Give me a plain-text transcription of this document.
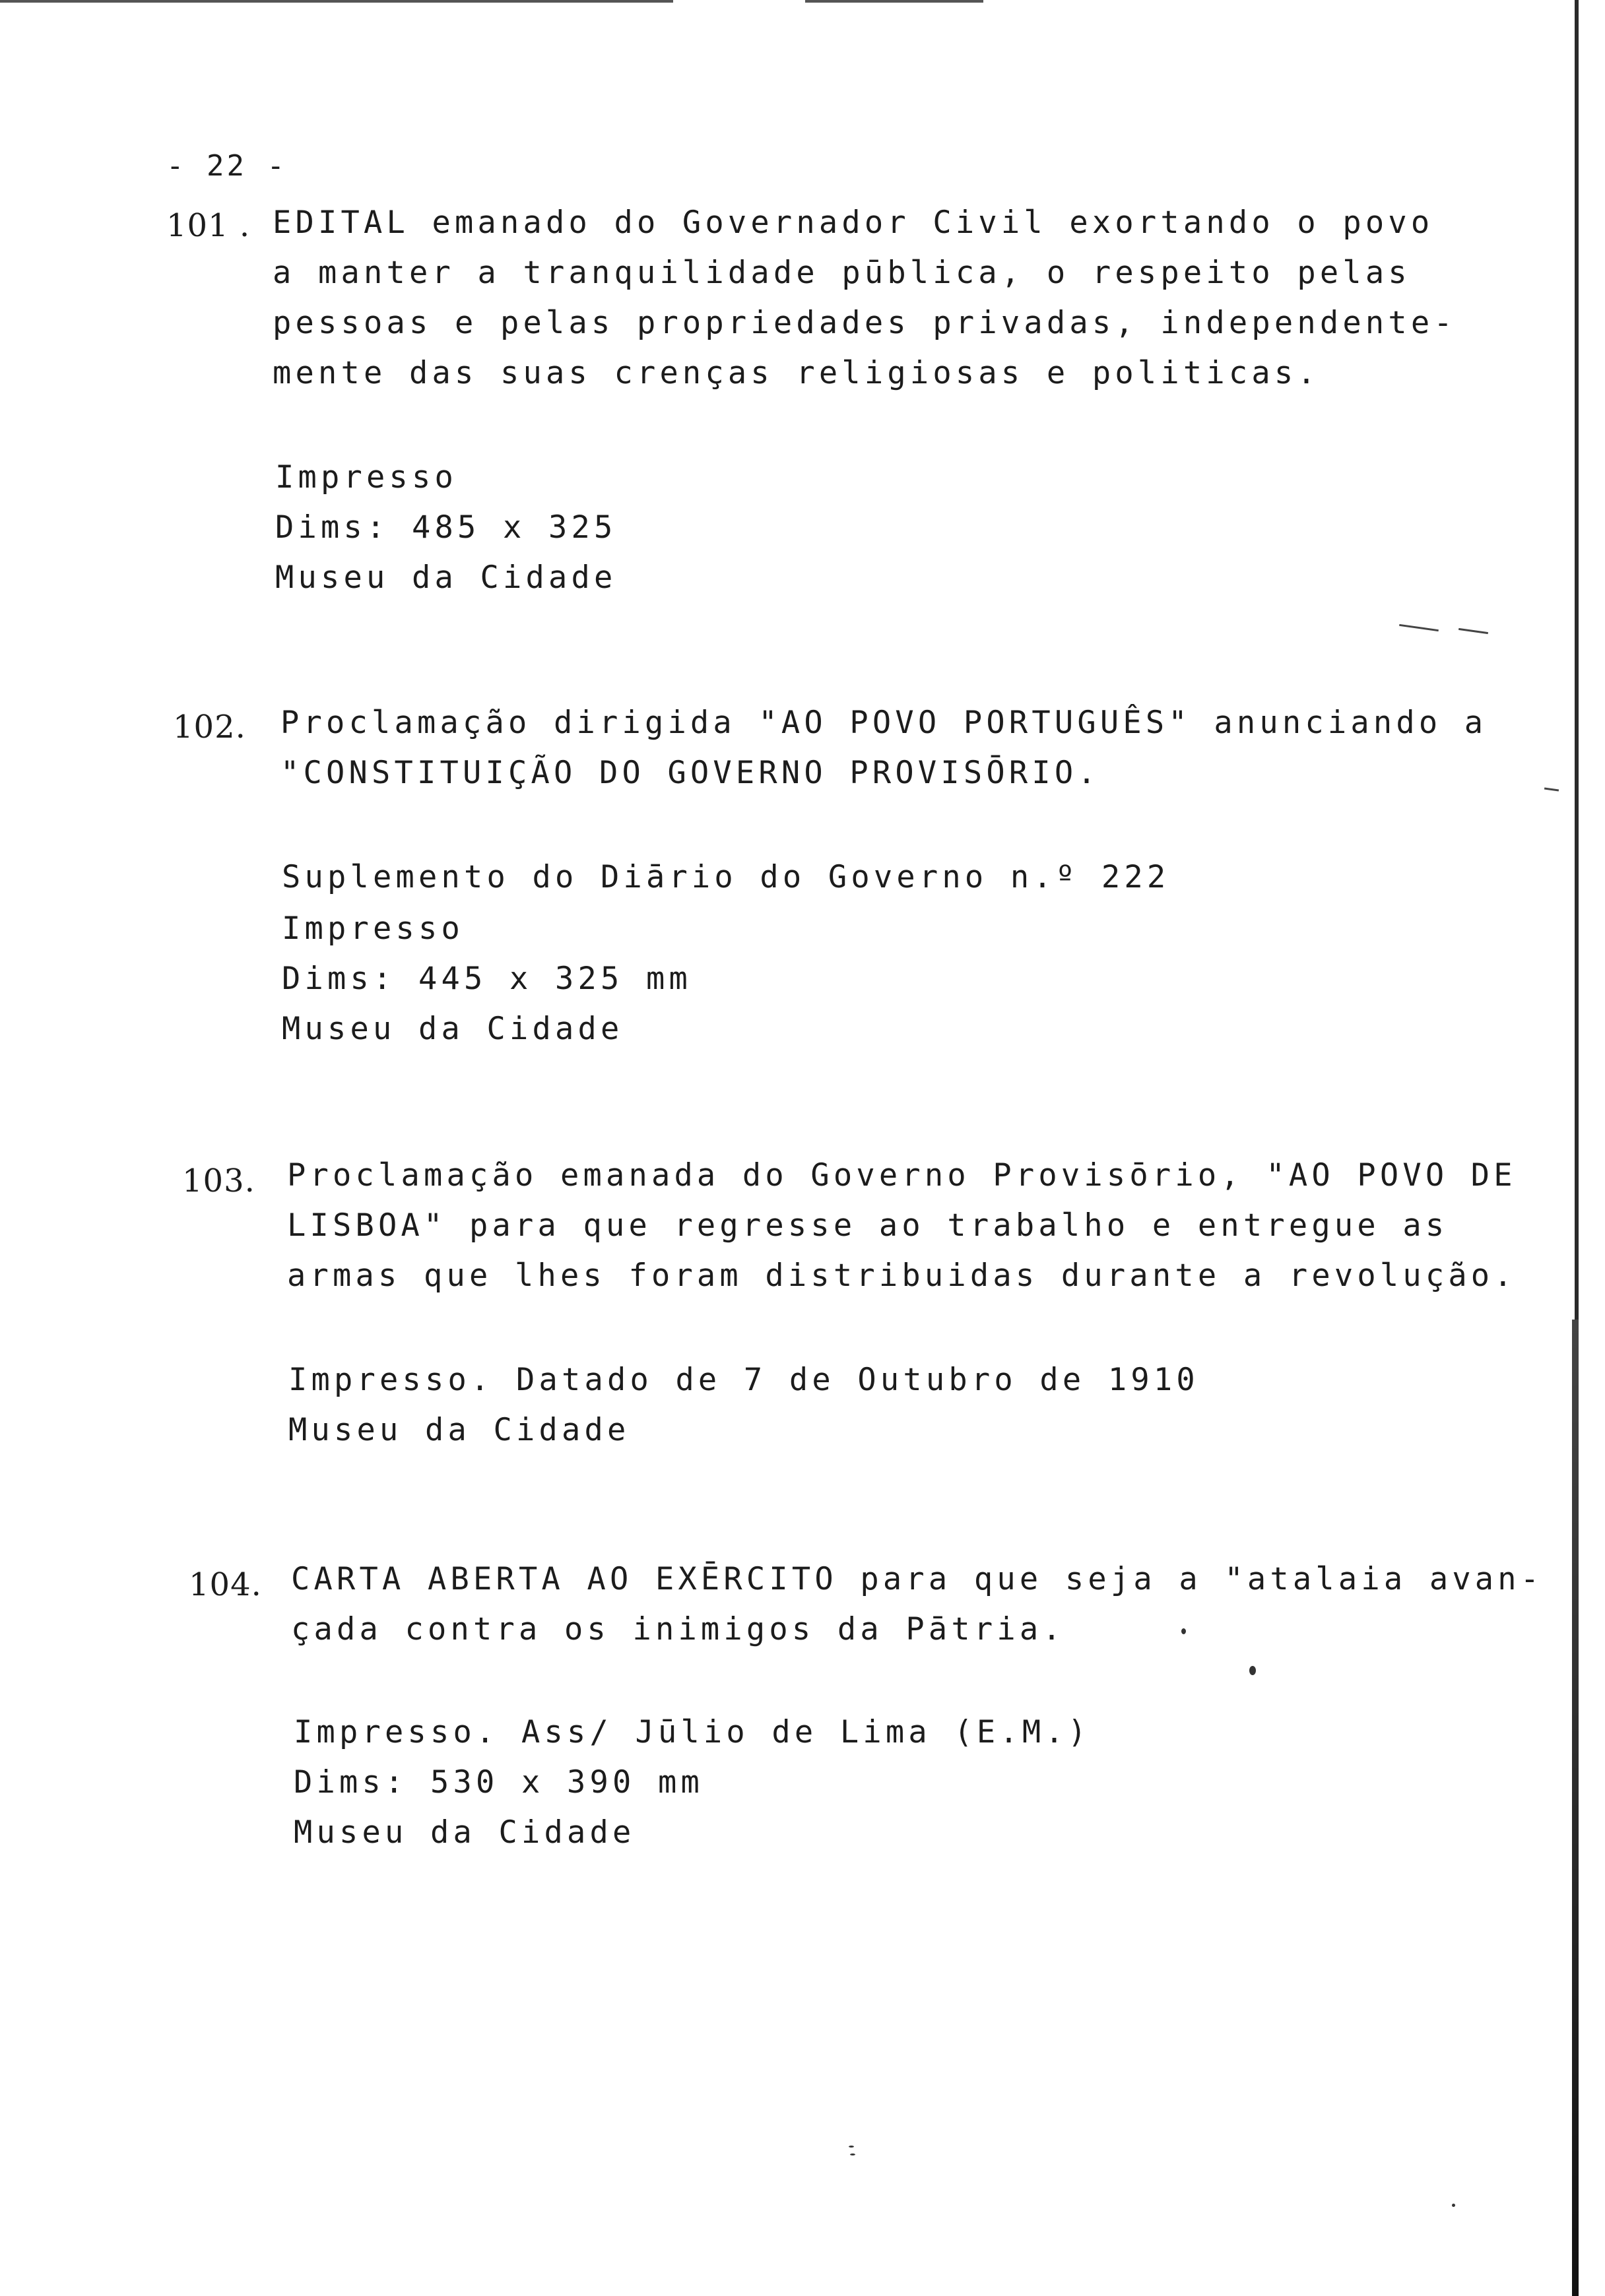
- 22 -
101 . EDITAL emanado do Governador Civil exortando o povo
a manter a tranquilidade pūblica, o respeito pelas
pessoas e pelas propriedades privadas, independente-
mente das suas crenças religiosas e politicas.
Impresso
Dims: 485 x 325
Museu da Cidade
102. Proclamação dirigida "AO POVO PORTUGUÊS" anunciando a
"CONSTITUIÇÃO DO GOVERNO PROVISŌRIO.
Suplemento do Diārio do Governo n.º 222
Impresso
Dims: 445 x 325 mm
Museu da Cidade
103. Proclamação emanada do Governo Provisōrio, "AO POVO DE
LISBOA" para que regresse ao trabalho e entregue as
armas que lhes foram distribuidas durante a revolução.
Impresso. Datado de 7 de Outubro de 1910
Museu da Cidade
104. CARTA ABERTA AO EXĒRCITO para que seja a "atalaia avan-
çada contra os inimigos da Pātria.
Impresso. Ass/ Jūlio de Lima (E.M.)
Dims: 530 x 390 mm
Museu da Cidade
